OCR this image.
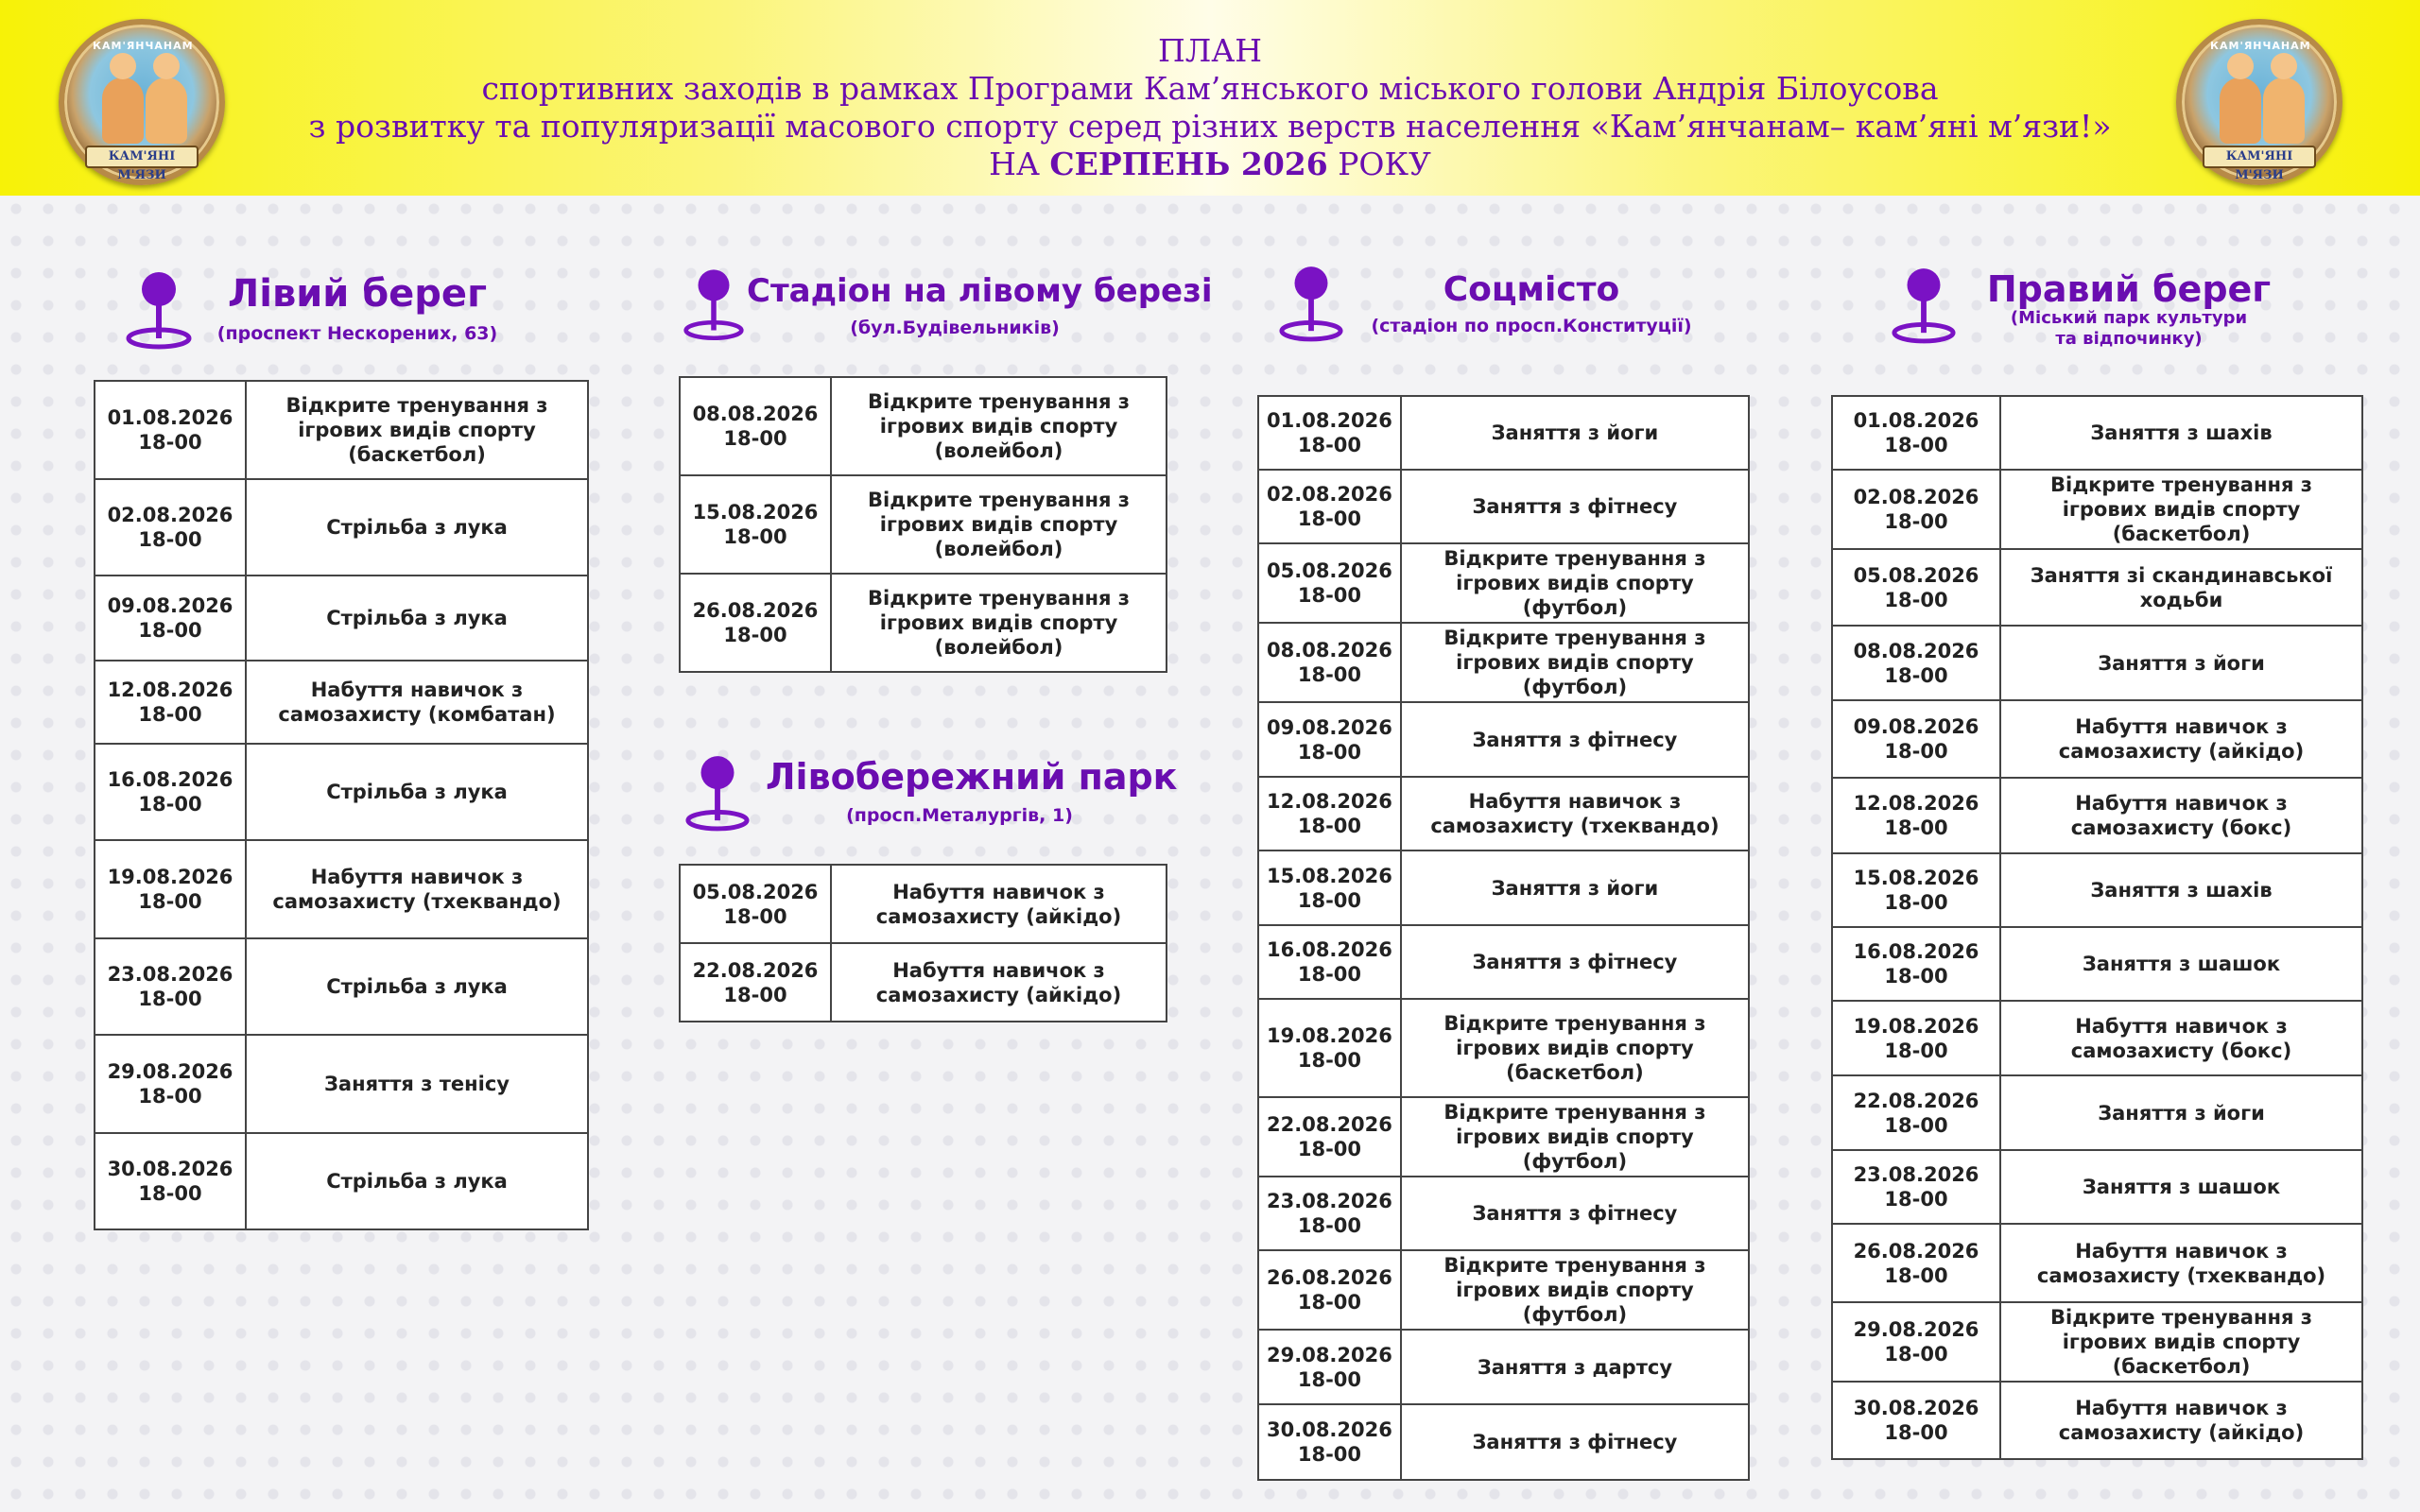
КАМ'ЯНЧАНАМ
КАМ'ЯНІ М'ЯЗИ
КАМ'ЯНЧАНАМ
КАМ'ЯНІ М'ЯЗИ
ПЛАН
спортивних заходів в рамках Програми Кам’янського міського голови Андрія Білоусова
з розвитку та популяризації масового спорту серед різних верств населення «Кам’янчанам– кам’яні м’язи!»
НА СЕРПЕНЬ 2026 РОКУ
Лівий берег
(проспект Нескорених, 63)
01.08.2026
18-00	Відкрите тренування з ігрових видів спорту (баскетбол)

02.08.2026
18-00	Стрільба з лука

09.08.2026
18-00	Стрільба з лука

12.08.2026
18-00	Набуття навичок з самозахисту (комбатан)

16.08.2026
18-00	Стрільба з лука

19.08.2026
18-00	Набуття навичок з самозахисту (тхеквандо)

23.08.2026
18-00	Стрільба з лука

29.08.2026
18-00	Заняття з тенісу

30.08.2026
18-00	Стрільба з лука
Стадіон на лівому березі
(бул.Будівельників)
08.08.2026
18-00	Відкрите тренування з ігрових видів спорту (волейбол)

15.08.2026
18-00	Відкрите тренування з ігрових видів спорту (волейбол)

26.08.2026
18-00	Відкрите тренування з ігрових видів спорту (волейбол)
Лівобережний парк
(просп.Металургів, 1)
05.08.2026
18-00	Набуття навичок з самозахисту (айкідо)

22.08.2026
18-00	Набуття навичок з самозахисту (айкідо)
Соцмісто
(стадіон по просп.Конституції)
01.08.2026
18-00	Заняття з йоги

02.08.2026
18-00	Заняття з фітнесу

05.08.2026
18-00	Відкрите тренування з ігрових видів спорту (футбол)

08.08.2026
18-00	Відкрите тренування з ігрових видів спорту (футбол)

09.08.2026
18-00	Заняття з фітнесу

12.08.2026
18-00	Набуття навичок з самозахисту (тхеквандо)

15.08.2026
18-00	Заняття з йоги

16.08.2026
18-00	Заняття з фітнесу

19.08.2026
18-00	Відкрите тренування з ігрових видів спорту (баскетбол)

22.08.2026
18-00	Відкрите тренування з ігрових видів спорту (футбол)

23.08.2026
18-00	Заняття з фітнесу

26.08.2026
18-00	Відкрите тренування з ігрових видів спорту (футбол)

29.08.2026
18-00	Заняття з дартсу

30.08.2026
18-00	Заняття з фітнесу
Правий берег
(Міський парк культури
та відпочинку)
01.08.2026
18-00	Заняття з шахів

02.08.2026
18-00	Відкрите тренування з ігрових видів спорту (баскетбол)

05.08.2026
18-00	Заняття зі скандинавської ходьби

08.08.2026
18-00	Заняття з йоги

09.08.2026
18-00	Набуття навичок з самозахисту (айкідо)

12.08.2026
18-00	Набуття навичок з самозахисту (бокс)

15.08.2026
18-00	Заняття з шахів

16.08.2026
18-00	Заняття з шашок

19.08.2026
18-00	Набуття навичок з самозахисту (бокс)

22.08.2026
18-00	Заняття з йоги

23.08.2026
18-00	Заняття з шашок

26.08.2026
18-00	Набуття навичок з самозахисту (тхеквандо)

29.08.2026
18-00	Відкрите тренування з ігрових видів спорту (баскетбол)

30.08.2026
18-00	Набуття навичок з самозахисту (айкідо)
